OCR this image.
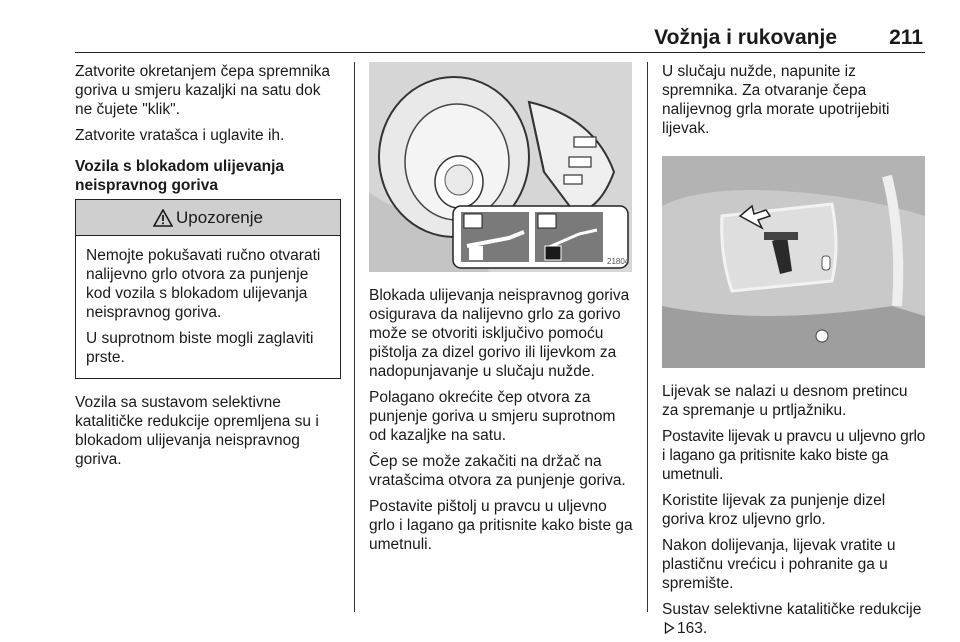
Vožnja i rukovanje 211

Zatvorite okretanjem čepa spremnika goriva u smjeru kazaljki na satu dok ne čujete "klik".

Zatvorite vratašca i uglavite ih.

Vozila s blokadom ulijevanja neispravnog goriva
Upozorenje

Nemojte pokušavati ručno otvarati nalijevno grlo otvora za punjenje kod vozila s blokadom ulijevanja neispravnog goriva.

U suprotnom biste mogli zaglaviti prste.

Vozila sa sustavom selektivne katalitičke redukcije opremljena su i blokadom ulijevanja neispravnog goriva.

21804

Blokada ulijevanja neispravnog goriva osigurava da nalijevno grlo za gorivo može se otvoriti isključivo pomoću pištolja za dizel gorivo ili lijevkom za nadopunjavanje u slučaju nužde.

Polagano okrećite čep otvora za punjenje goriva u smjeru suprotnom od kazaljke na satu.

Čep se može zakačiti na držač na vratašcima otvora za punjenje goriva.

Postavite pištolj u pravcu u uljevno grlo i lagano ga pritisnite kako biste ga umetnuli.

U slučaju nužde, napunite iz spremnika. Za otvaranje čepa nalijevnog grla morate upotrijebiti lijevak.

Lijevak se nalazi u desnom pretincu za spremanje u prtljažniku.

Postavite lijevak u pravcu u uljevno grlo i lagano ga pritisnite kako biste ga umetnuli.

Koristite lijevak za punjenje dizel goriva kroz uljevno grlo.

Nakon dolijevanja, lijevak vratite u plastičnu vrećicu i pohranite ga u spremište.

Sustav selektivne katalitičke redukcije 163.
